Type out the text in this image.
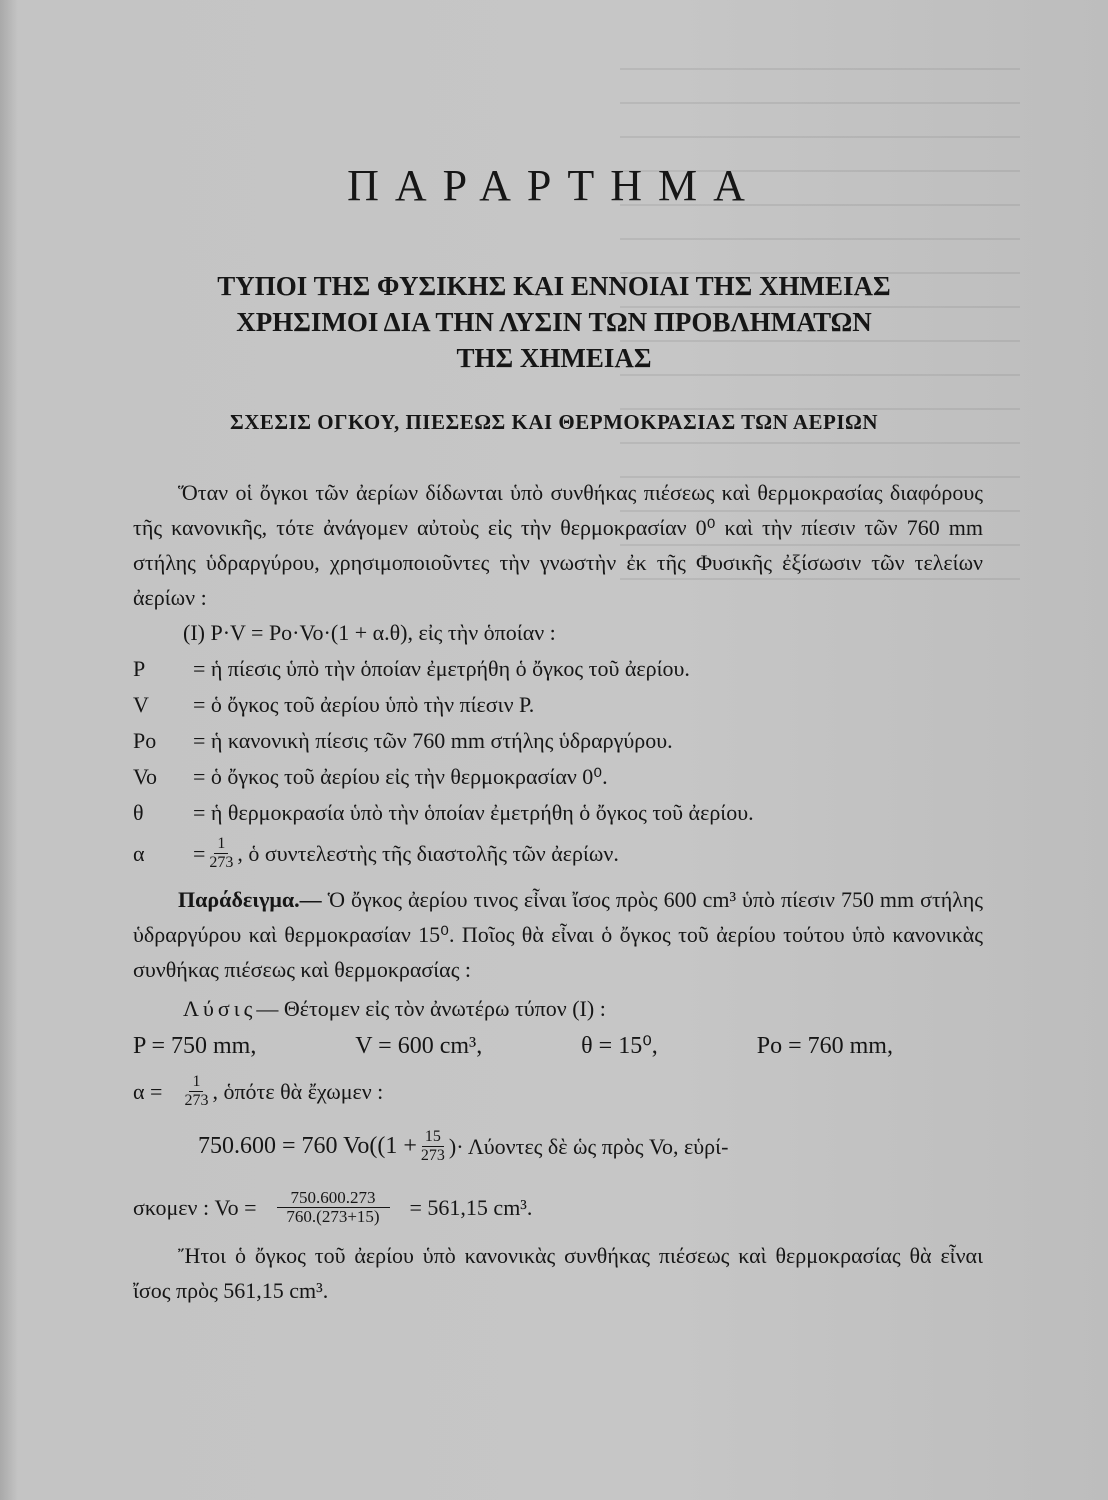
ΠΑΡΑΡΤΗΜΑ
ΤΥΠΟΙ ΤΗΣ ΦΥΣΙΚΗΣ ΚΑΙ ΕΝΝΟΙΑΙ ΤΗΣ ΧΗΜΕΙΑΣ
ΧΡΗΣΙΜΟΙ ΔΙΑ ΤΗΝ ΛΥΣΙΝ ΤΩΝ ΠΡΟΒΛΗΜΑΤΩΝ
ΤΗΣ ΧΗΜΕΙΑΣ
ΣΧΕΣΙΣ ΟΓΚΟΥ, ΠΙΕΣΕΩΣ ΚΑΙ ΘΕΡΜΟΚΡΑΣΙΑΣ ΤΩΝ ΑΕΡΙΩΝ

Ὅταν οἱ ὄγκοι τῶν ἀερίων δίδωνται ὑπὸ συνθήκας πιέσεως καὶ θερμοκρασίας διαφόρους τῆς κανονικῆς, τότε ἀνάγομεν αὐτοὺς εἰς τὴν θερμοκρασίαν 0⁰ καὶ τὴν πίεσιν τῶν 760 mm στήλης ὑδραργύρου, χρησιμοποιοῦντες τὴν γνωστὴν ἐκ τῆς Φυσικῆς ἐξίσωσιν τῶν τελείων ἀερίων :

(I) P·V = Po·Vo·(1 + α.θ), εἰς τὴν ὁποίαν :
P	= ἡ πίεσις ὑπὸ τὴν ὁποίαν ἐμετρήθη ὁ ὄγκος τοῦ ἀερίου.
V	= ὁ ὄγκος τοῦ ἀερίου ὑπὸ τὴν πίεσιν P.
Po	= ἡ κανονικὴ πίεσις τῶν 760 mm στήλης ὑδραργύρου.
Vo	= ὁ ὄγκος τοῦ ἀερίου εἰς τὴν θερμοκρασίαν 0⁰.
θ	= ἡ θερμοκρασία ὑπὸ τὴν ὁποίαν ἐμετρήθη ὁ ὄγκος τοῦ ἀερίου.
α	= $\frac{1}{273}$ , ὁ συντελεστὴς τῆς διαστολῆς τῶν ἀερίων.

Παράδειγμα.— Ὁ ὄγκος ἀερίου τινος εἶναι ἴσος πρὸς 600 cm³ ὑπὸ πίεσιν 750 mm στήλης ὑδραργύρου καὶ θερμοκρασίαν 15⁰. Ποῖος θὰ εἶναι ὁ ὄγκος τοῦ ἀερίου τούτου ὑπὸ κανονικὰς συνθήκας πιέσεως καὶ θερμοκρασίας :

Λύσις— Θέτομεν εἰς τὸν ἀνωτέρω τύπον (I) :
P = 750 mm,	V = 600 cm³,	θ = 15⁰,	Po = 760 mm,
$\alpha = \frac{1}{273}$ , ὁπότε θὰ ἔχωμεν :
750.600 = 760 Vo( ($1 + \frac{15}{273}$ )· Λύοντες δὲ ὡς πρὸς Vo, εὑρί-
σκομεν : $Vo = \frac{750.600.273}{760.(273+15)} = 561,15$ cm³.

Ἤτοι ὁ ὄγκος τοῦ ἀερίου ὑπὸ κανονικὰς συνθήκας πιέσεως καὶ θερμοκρασίας θὰ εἶναι ἴσος πρὸς 561,15 cm³.
